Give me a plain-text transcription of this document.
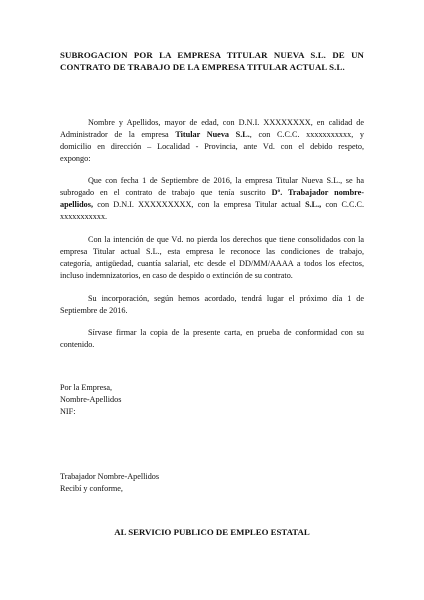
SUBROGACION POR LA EMPRESA TITULAR NUEVA S.L. DE UN
CONTRATO DE TRABAJO DE LA EMPRESA TITULAR ACTUAL S.L.
Nombre y Apellidos, mayor de edad, con D.N.I. XXXXXXXX, en calidad de
Administrador de la empresa Titular Nueva S.L., con C.C.C. xxxxxxxxxxx, y
domicilio en dirección – Localidad - Provincia, ante Vd. con el debido respeto,
expongo:
Que con fecha 1 de Septiembre de 2016, la empresa Titular Nueva S.L., se ha
subrogado en el contrato de trabajo que tenía suscrito Dº. Trabajador nombre-
apellidos, con D.N.I. XXXXXXXXX, con la empresa Titular actual S.L., con C.C.C.
xxxxxxxxxxx.
Con la intención de que Vd. no pierda los derechos que tiene consolidados con la
empresa Titular actual S.L., esta empresa le reconoce las condiciones de trabajo,
categoría, antigüedad, cuantía salarial, etc desde el DD/MM/AAAA a todos los efectos,
incluso indemnizatorios, en caso de despido o extinción de su contrato.
Su incorporación, según hemos acordado, tendrá lugar el próximo día 1 de
Septiembre de 2016.
Sírvase firmar la copia de la presente carta, en prueba de conformidad con su
contenido.
Por la Empresa,
Nombre-Apellidos
NIF:
Trabajador Nombre-Apellidos
Recibí y conforme,
AL SERVICIO PUBLICO DE EMPLEO ESTATAL
